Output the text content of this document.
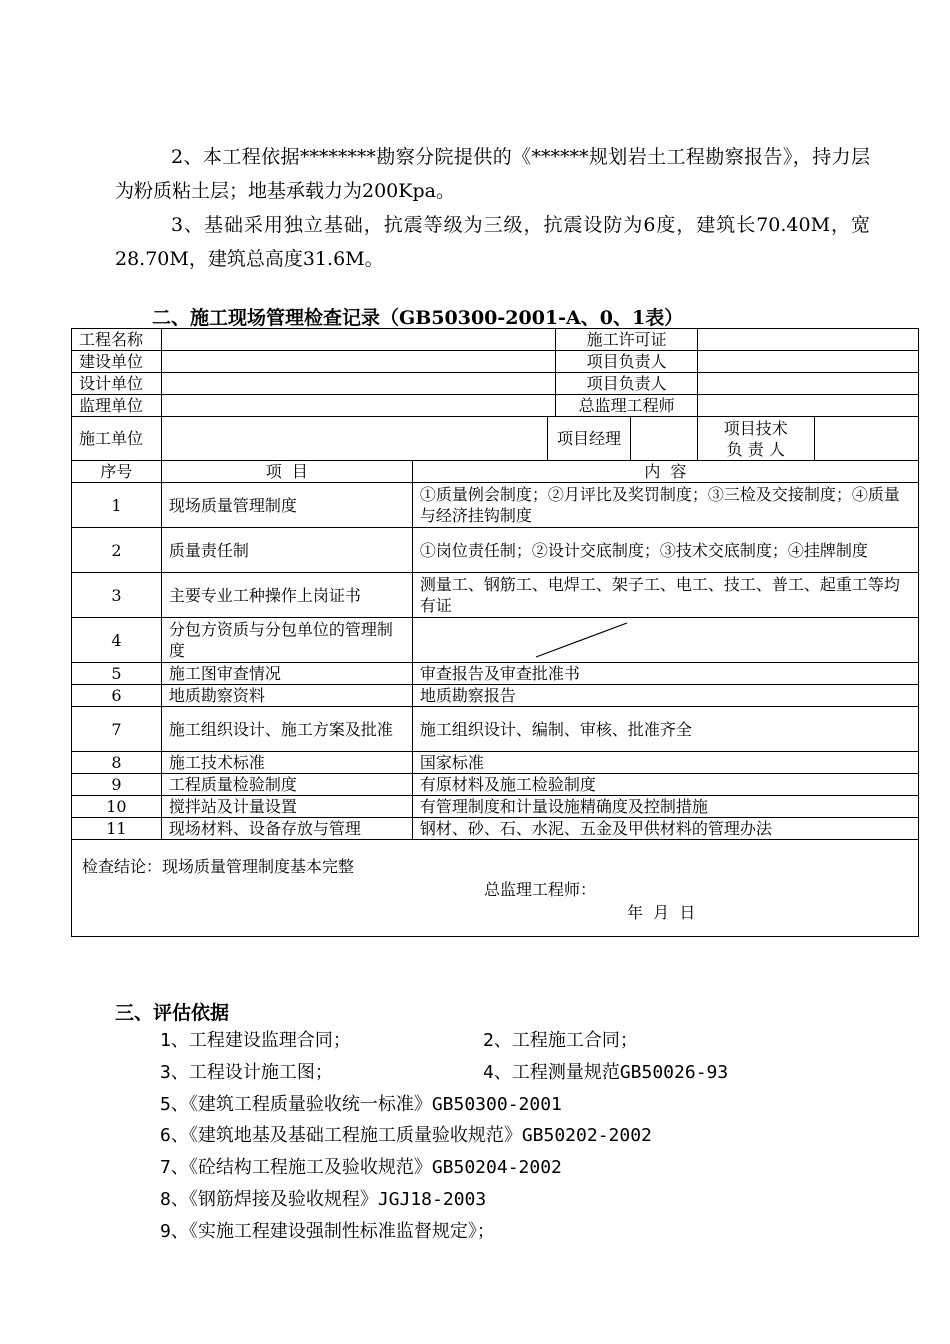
2、本工程依据********勘察分院提供的《******规划岩土工程勘察报告》，持力层为粉质粘土层；地基承载力为200Kpa。
3、基础采用独立基础，抗震等级为三级，抗震设防为6度，建筑长70.40M，宽28.70M，建筑总高度31.6M。
二、施工现场管理检查记录（GB50300-2001-A、0、1表）
工程名称				施工许可证			
建设单位				项目负责人			
设计单位				项目负责人			
监理单位				总监理工程师			
施工单位			项目经理			项目技术
负 责 人	

序号	项  目	内  容					
1	现场质量管理制度	①质量例会制度；②月评比及奖罚制度；③三检及交接制度；④质量与经济挂钩制度					
2	质量责任制	①岗位责任制；②设计交底制度；③技术交底制度；④挂牌制度					
3	主要专业工种操作上岗证书	测量工、钢筋工、电焊工、架子工、电工、技工、普工、起重工等均有证					
4	分包方资质与分包单位的管理制度	

5	施工图审查情况	审查报告及审查批准书					
6	地质勘察资料	地质勘察报告					
7	施工组织设计、施工方案及批准	施工组织设计、编制、审核、批准齐全					
8	施工技术标准	国家标准					
9	工程质量检验制度	有原材料及施工检验制度					
10	搅拌站及计量设置	有管理制度和计量设施精确度及控制措施					
11	现场材料、设备存放与管理	钢材、砂、石、水泥、五金及甲供材料的管理办法					

检查结论：现场质量管理制度基本完整
总监理工程师：
年  月  日							
三、评估依据
1、工程建设监理合同；	2、工程施工合同；
3、工程设计施工图；	4、工程测量规范GB50026-93
5、《建筑工程质量验收统一标准》GB50300-2001
6、《建筑地基及基础工程施工质量验收规范》GB50202-2002
7、《砼结构工程施工及验收规范》GB50204-2002
8、《钢筋焊接及验收规程》JGJ18-2003
9、《实施工程建设强制性标准监督规定》；
